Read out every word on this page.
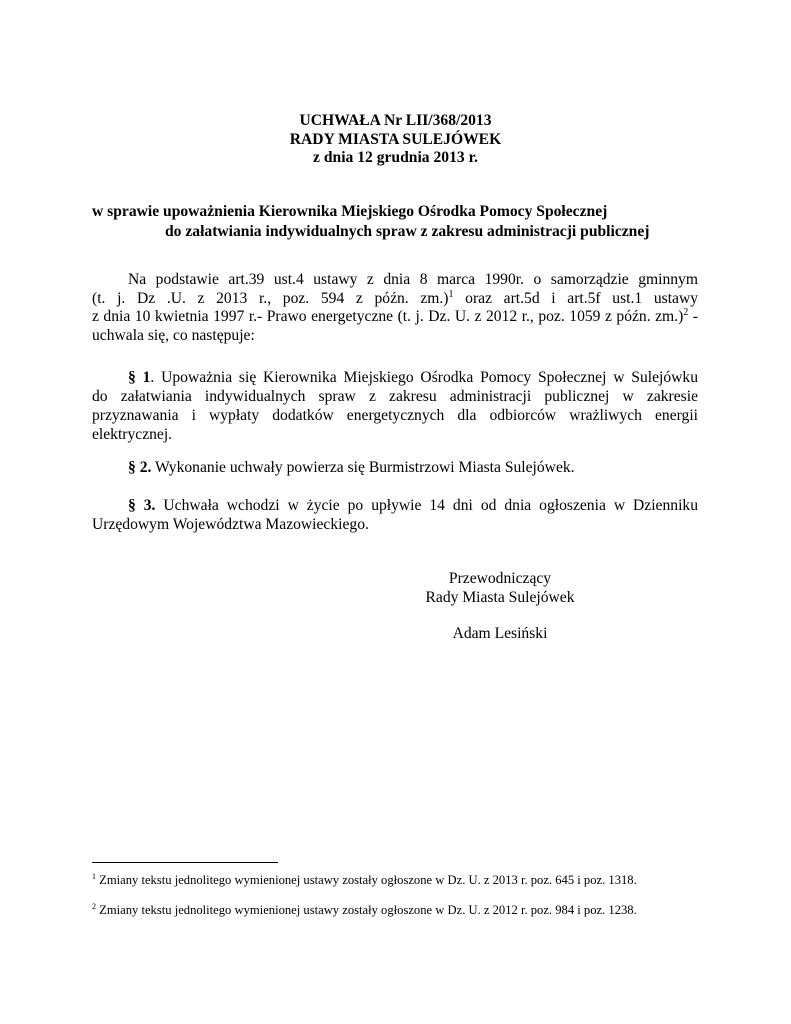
UCHWAŁA Nr LII/368/2013
RADY MIASTA SULEJÓWEK
z dnia 12 grudnia 2013 r.
w sprawie upoważnienia Kierownika Miejskiego Ośrodka Pomocy Społecznej
do załatwiania indywidualnych spraw z zakresu administracji publicznej
Na podstawie art.39 ust.4 ustawy z dnia 8 marca 1990r. o samorządzie gminnym
(t. j. Dz .U. z 2013 r., poz. 594 z późn. zm.)$^1$ oraz art.5d i art.5f ust.1 ustawy
z dnia 10 kwietnia 1997 r.- Prawo energetyczne (t. j. Dz. U. z 2012 r., poz. 1059 z późn. zm.)$^2$ -
uchwala się, co następuje:
§ 1. Upoważnia się Kierownika Miejskiego Ośrodka Pomocy Społecznej w Sulejówku
do załatwiania indywidualnych spraw z zakresu administracji publicznej w zakresie
przyznawania i wypłaty dodatków energetycznych dla odbiorców wrażliwych energii
elektrycznej.
§ 2. Wykonanie uchwały powierza się Burmistrzowi Miasta Sulejówek.
§ 3. Uchwała wchodzi w życie po upływie 14 dni od dnia ogłoszenia w Dzienniku
Urzędowym Województwa Mazowieckiego.
Przewodniczący
Rady Miasta Sulejówek
Adam Lesiński
$^1$ Zmiany tekstu jednolitego wymienionej ustawy zostały ogłoszone w Dz. U. z 2013 r. poz. 645 i poz. 1318.
$^2$ Zmiany tekstu jednolitego wymienionej ustawy zostały ogłoszone w Dz. U. z 2012 r. poz. 984 i poz. 1238.
